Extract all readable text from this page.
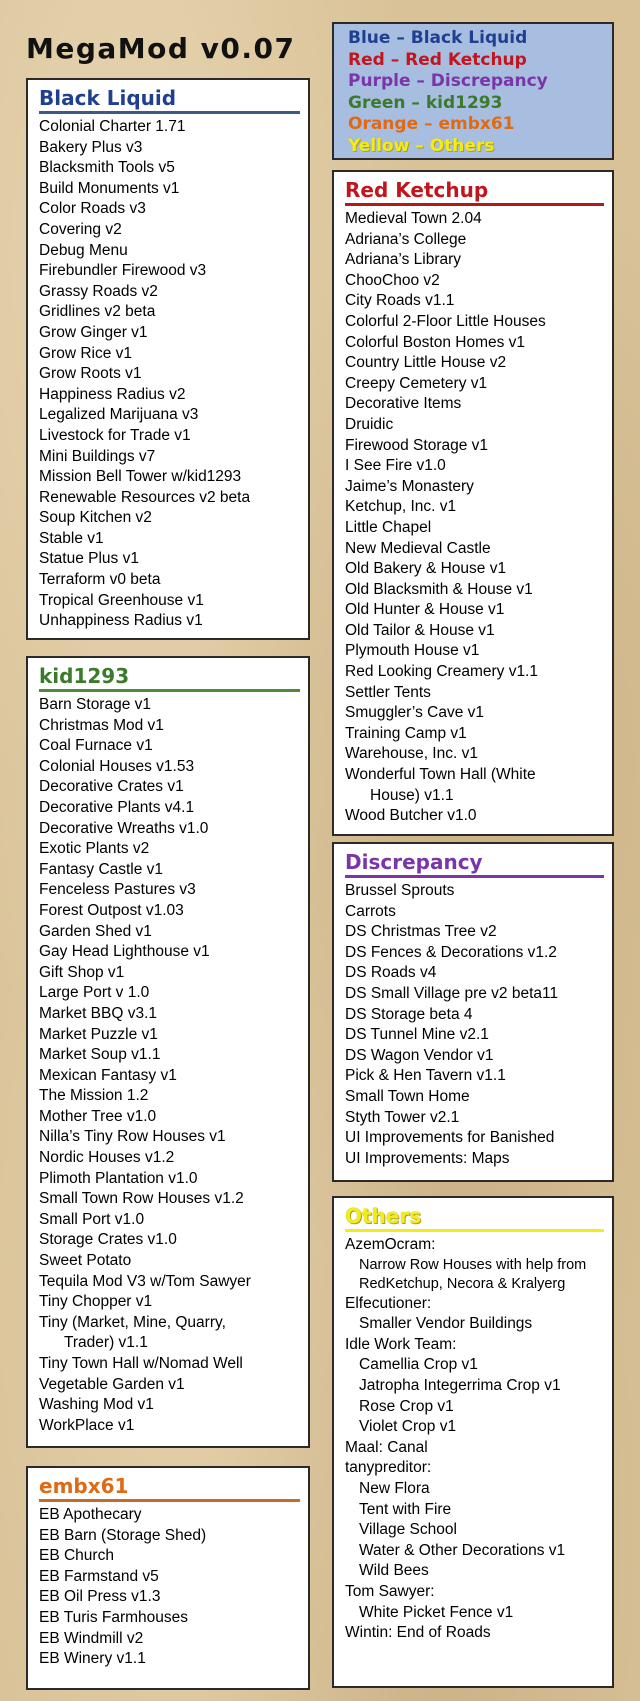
MegaMod v0.07	Blue – Black Liquid
Red – Red Ketchup
Purple – Discrepancy
Green – kid1293
Orange – embx61
Yellow – Others
Black Liquid
Colonial Charter 1.71
Bakery Plus v3
Blacksmith Tools v5
Build Monuments v1
Color Roads v3
Covering v2
Debug Menu
Firebundler Firewood v3
Grassy Roads v2
Gridlines v2 beta
Grow Ginger v1
Grow Rice v1
Grow Roots v1
Happiness Radius v2
Legalized Marijuana v3
Livestock for Trade v1
Mini Buildings v7
Mission Bell Tower w/kid1293
Renewable Resources v2 beta
Soup Kitchen v2
Stable v1
Statue Plus v1
Terraform v0 beta
Tropical Greenhouse v1
Unhappiness Radius v1
kid1293
Barn Storage v1
Christmas Mod v1
Coal Furnace v1
Colonial Houses v1.53
Decorative Crates v1
Decorative Plants v4.1
Decorative Wreaths v1.0
Exotic Plants v2
Fantasy Castle v1
Fenceless Pastures v3
Forest Outpost v1.03
Garden Shed v1
Gay Head Lighthouse v1
Gift Shop v1
Large Port v 1.0
Market BBQ v3.1
Market Puzzle v1
Market Soup v1.1
Mexican Fantasy v1
The Mission 1.2
Mother Tree v1.0
Nilla’s Tiny Row Houses v1
Nordic Houses v1.2
Plimoth Plantation v1.0
Small Town Row Houses v1.2
Small Port v1.0
Storage Crates v1.0
Sweet Potato
Tequila Mod V3 w/Tom Sawyer
Tiny Chopper v1
Tiny (Market, Mine, Quarry,
Trader) v1.1
Tiny Town Hall w/Nomad Well
Vegetable Garden v1
Washing Mod v1
WorkPlace v1
embx61
EB Apothecary
EB Barn (Storage Shed)
EB Church
EB Farmstand v5
EB Oil Press v1.3
EB Turis Farmhouses
EB Windmill v2
EB Winery v1.1
Red Ketchup
Medieval Town 2.04
Adriana’s College
Adriana’s Library
ChooChoo v2
City Roads v1.1
Colorful 2-Floor Little Houses
Colorful Boston Homes v1
Country Little House v2
Creepy Cemetery v1
Decorative Items
Druidic
Firewood Storage v1
I See Fire v1.0
Jaime’s Monastery
Ketchup, Inc. v1
Little Chapel
New Medieval Castle
Old Bakery & House v1
Old Blacksmith & House v1
Old Hunter & House v1
Old Tailor & House v1
Plymouth House v1
Red Looking Creamery v1.1
Settler Tents
Smuggler’s Cave v1
Training Camp v1
Warehouse, Inc. v1
Wonderful Town Hall (White
House) v1.1
Wood Butcher v1.0
Discrepancy
Brussel Sprouts
Carrots
DS Christmas Tree v2
DS Fences & Decorations v1.2
DS Roads v4
DS Small Village pre v2 beta11
DS Storage beta 4
DS Tunnel Mine v2.1
DS Wagon Vendor v1
Pick & Hen Tavern v1.1
Small Town Home
Styth Tower v2.1
UI Improvements for Banished
UI Improvements: Maps
Others
AzemOcram:
Narrow Row Houses with help from RedKetchup, Necora & Kralyerg
Elfecutioner:
Smaller Vendor Buildings
Idle Work Team:
Camellia Crop v1
Jatropha Integerrima Crop v1
Rose Crop v1
Violet Crop v1
Maal: Canal
tanypreditor:
New Flora
Tent with Fire
Village School
Water & Other Decorations v1
Wild Bees
Tom Sawyer:
White Picket Fence v1
Wintin: End of Roads
